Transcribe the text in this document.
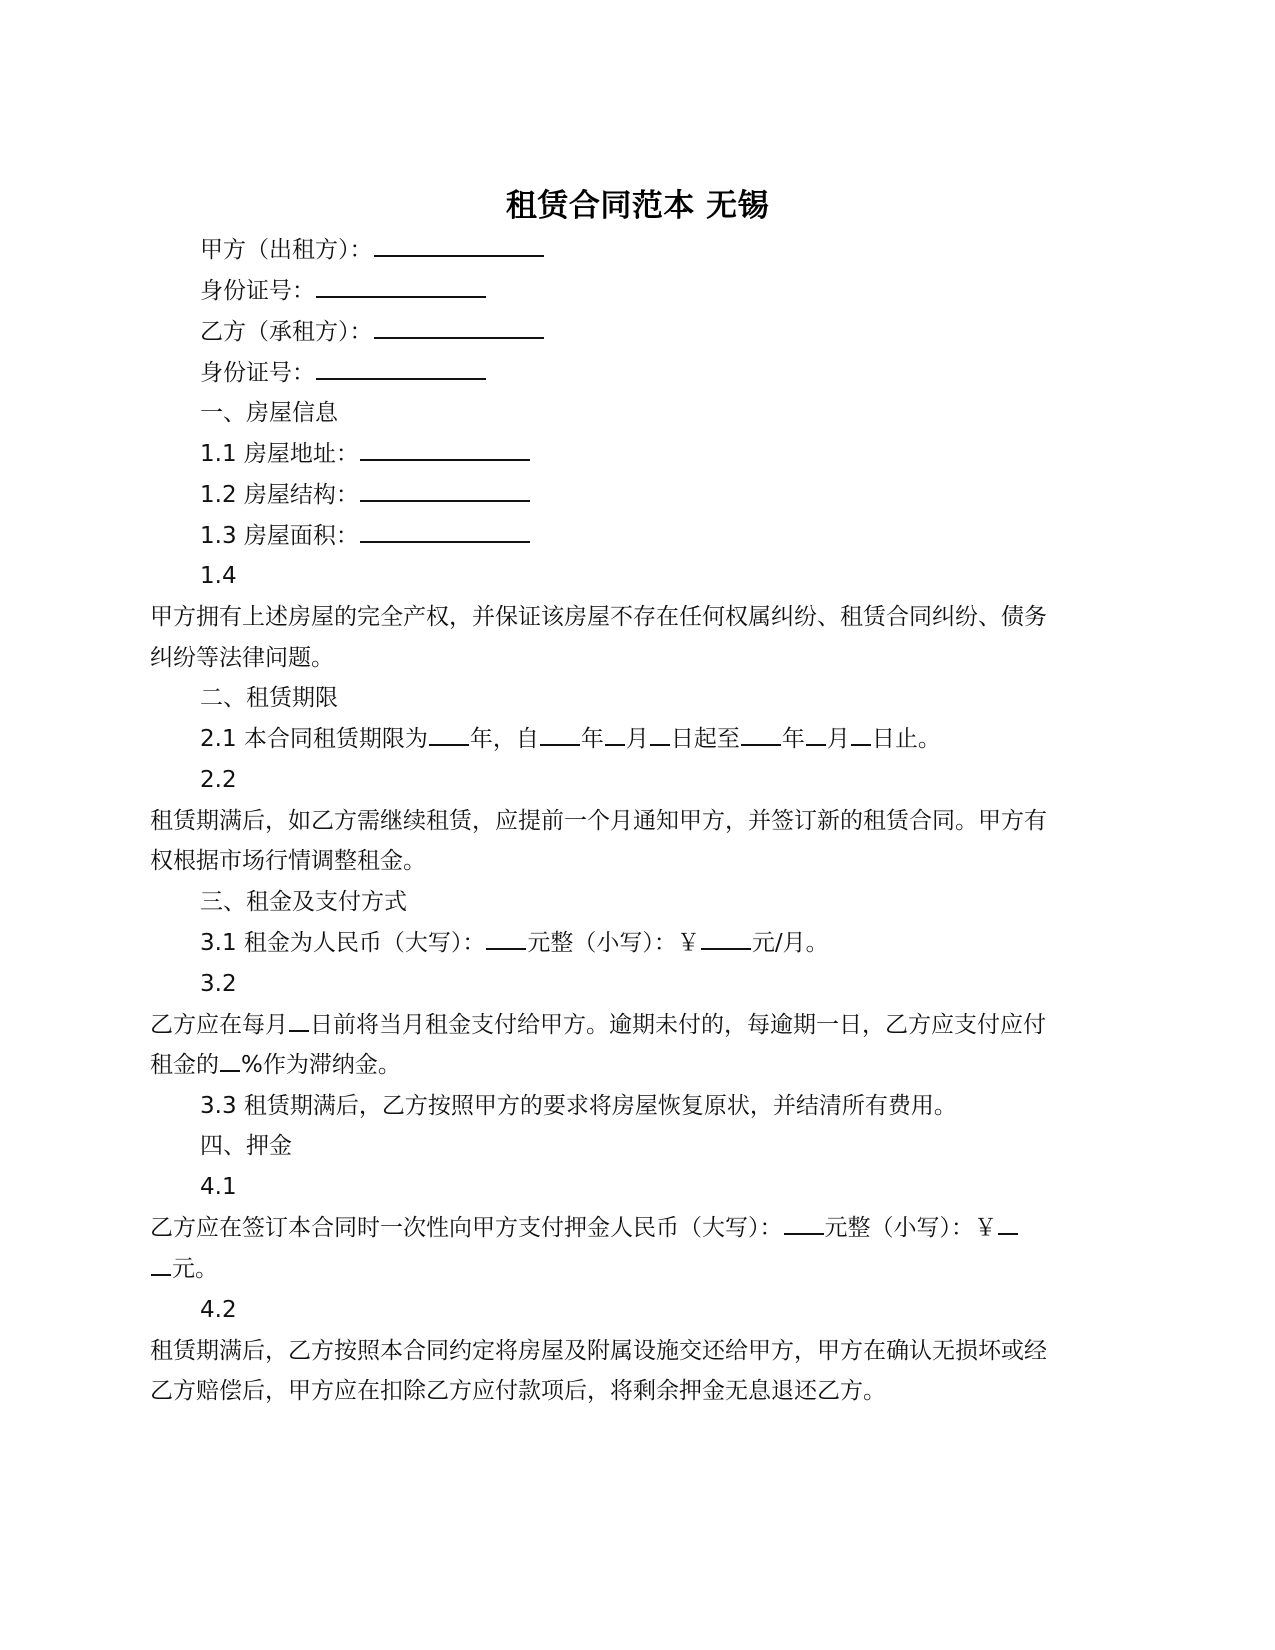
租赁合同范本 无锡
甲方（出租方）：
身份证号：
乙方（承租方）：
身份证号：
一、房屋信息
1.1 房屋地址：
1.2 房屋结构：
1.3 房屋面积：
1.4
甲方拥有上述房屋的完全产权，并保证该房屋不存在任何权属纠纷、租赁合同纠纷、债务
纠纷等法律问题。
二、租赁期限
2.1 本合同租赁期限为 年，自 年 月 日起至 年 月 日止。
2.2
租赁期满后，如乙方需继续租赁，应提前一个月通知甲方，并签订新的租赁合同。甲方有
权根据市场行情调整租金。
三、租金及支付方式
3.1 租金为人民币（大写）： 元整（小写）：￥ 元/月。
3.2
乙方应在每月 日前将当月租金支付给甲方。逾期未付的，每逾期一日，乙方应支付应付
租金的 %作为滞纳金。
3.3 租赁期满后，乙方按照甲方的要求将房屋恢复原状，并结清所有费用。
四、押金
4.1
乙方应在签订本合同时一次性向甲方支付押金人民币（大写）： 元整（小写）：￥
元。
4.2
租赁期满后，乙方按照本合同约定将房屋及附属设施交还给甲方，甲方在确认无损坏或经
乙方赔偿后，甲方应在扣除乙方应付款项后，将剩余押金无息退还乙方。
